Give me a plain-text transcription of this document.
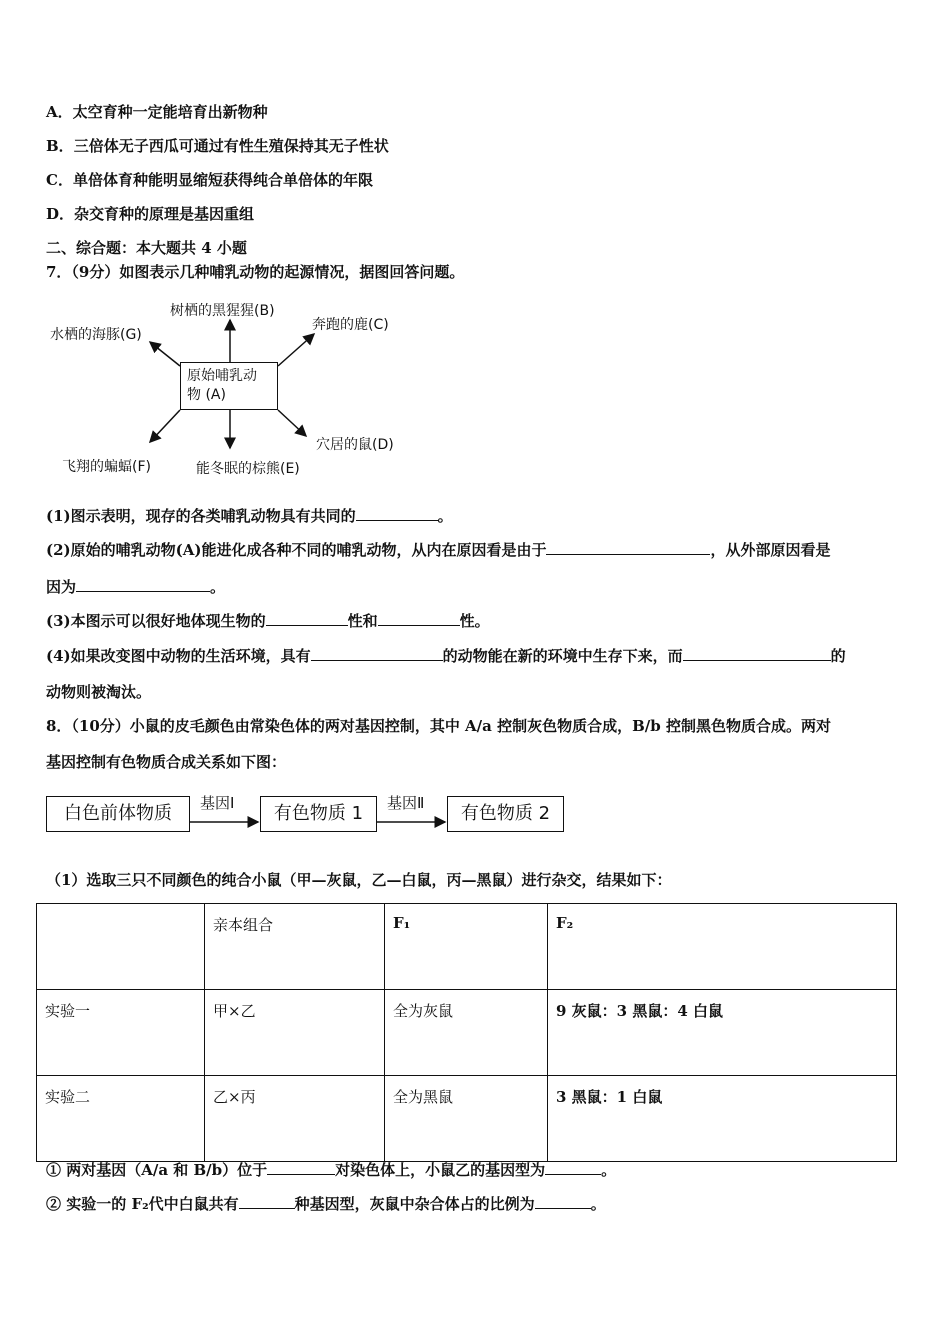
A．太空育种一定能培育出新物种
B．三倍体无子西瓜可通过有性生殖保持其无子性状
C．单倍体育种能明显缩短获得纯合单倍体的年限
D．杂交育种的原理是基因重组
二、综合题：本大题共 4 小题
7．（9分）如图表示几种哺乳动物的起源情况，据图回答问题。
原始哺乳动
物 (A)
树栖的黑猩猩(B)
奔跑的鹿(C)
水栖的海豚(G)
穴居的鼠(D)
能冬眠的棕熊(E)
飞翔的蝙蝠(F)
(1)图示表明，现存的各类哺乳动物具有共同的	。
(2)原始的哺乳动物(A)能进化成各种不同的哺乳动物，从内在原因看是由于	，从外部原因看是
因为	。
(3)本图示可以很好地体现生物的	性和	性。
(4)如果改变图中动物的生活环境，具有	的动物能在新的环境中生存下来，而	的
动物则被淘汰。
8．（10分）小鼠的皮毛颜色由常染色体的两对基因控制，其中 A/a 控制灰色物质合成，B/b 控制黑色物质合成。两对
基因控制有色物质合成关系如下图：
白色前体物质	基因Ⅰ	有色物质 1	基因Ⅱ	有色物质 2
（1）选取三只不同颜色的纯合小鼠（甲—灰鼠，乙—白鼠，丙—黑鼠）进行杂交，结果如下：
	亲本组合	F₁	F₂
实验一	甲×乙	全为灰鼠	9 灰鼠：3 黑鼠：4 白鼠
实验二	乙×丙	全为黑鼠	3 黑鼠：1 白鼠
① 两对基因（A/a 和 B/b）位于	对染色体上，小鼠乙的基因型为	。
② 实验一的 F₂代中白鼠共有	种基因型，灰鼠中杂合体占的比例为	。
